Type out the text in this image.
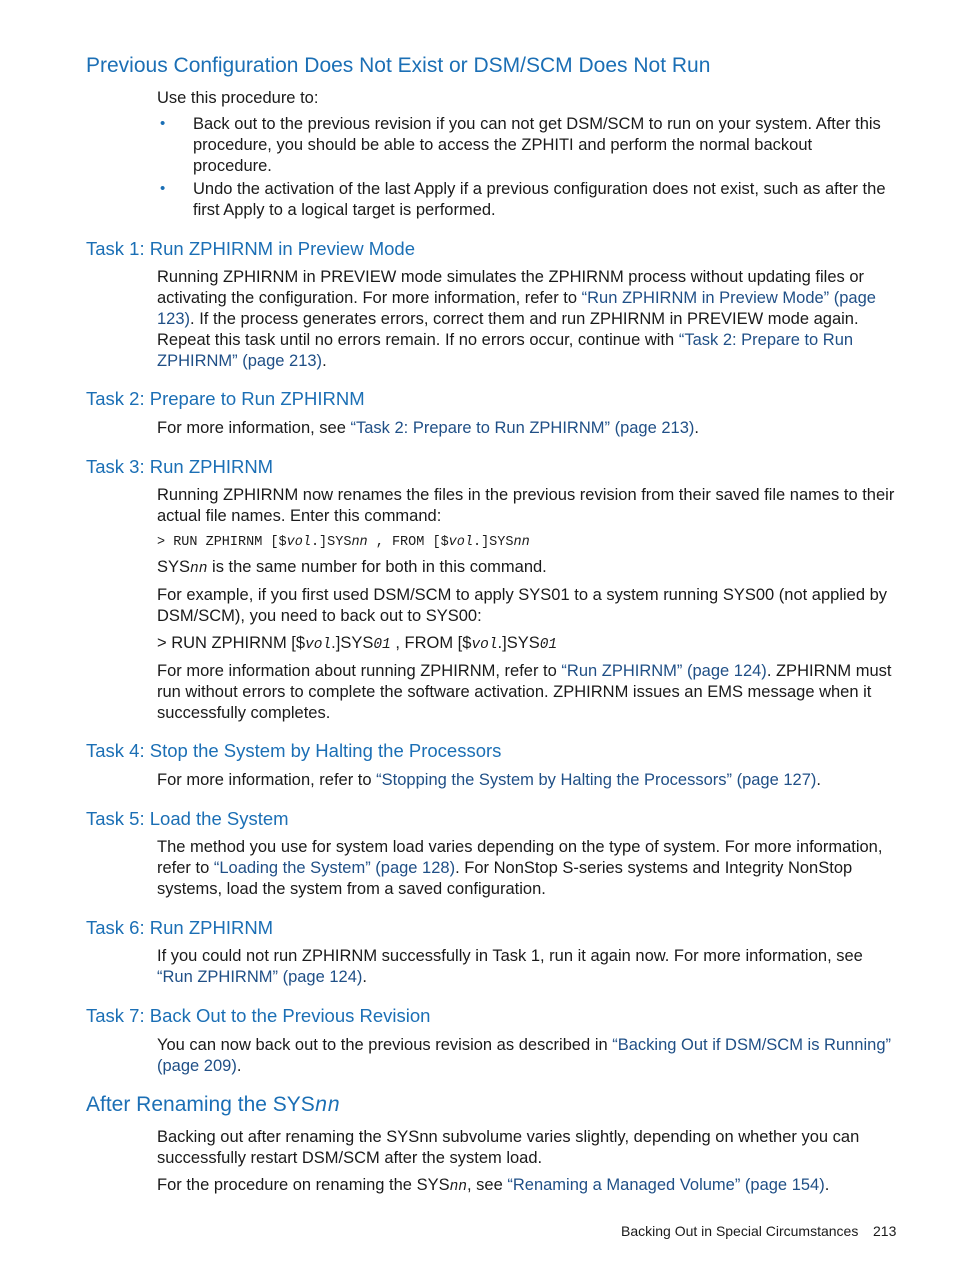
Previous Configuration Does Not Exist or DSM/SCM Does Not Run

Use this procedure to:

• Back out to the previous revision if you can not get DSM/SCM to run on your system. After this procedure, you should be able to access the ZPHITI and perform the normal backout procedure.

• Undo the activation of the last Apply if a previous configuration does not exist, such as after the first Apply to a logical target is performed.

Task 1: Run ZPHIRNM in Preview Mode

Running ZPHIRNM in PREVIEW mode simulates the ZPHIRNM process without updating files or activating the configuration. For more information, refer to “Run ZPHIRNM in Preview Mode” (page 123). If the process generates errors, correct them and run ZPHIRNM in PREVIEW mode again. Repeat this task until no errors remain. If no errors occur, continue with “Task 2: Prepare to Run ZPHIRNM” (page 213).

Task 2: Prepare to Run ZPHIRNM

For more information, see “Task 2: Prepare to Run ZPHIRNM” (page 213).

Task 3: Run ZPHIRNM

Running ZPHIRNM now renames the files in the previous revision from their saved file names to their actual file names. Enter this command:

> RUN ZPHIRNM [$vol.]SYSnn , FROM [$vol.]SYSnn

SYSnn is the same number for both in this command.

For example, if you first used DSM/SCM to apply SYS01 to a system running SYS00 (not applied by DSM/SCM), you need to back out to SYS00:

> RUN ZPHIRNM [$vol.]SYS01 , FROM [$vol.]SYS01

For more information about running ZPHIRNM, refer to “Run ZPHIRNM” (page 124). ZPHIRNM must run without errors to complete the software activation. ZPHIRNM issues an EMS message when it successfully completes.

Task 4: Stop the System by Halting the Processors

For more information, refer to “Stopping the System by Halting the Processors” (page 127).

Task 5: Load the System

The method you use for system load varies depending on the type of system. For more information, refer to “Loading the System” (page 128). For NonStop S-series systems and Integrity NonStop systems, load the system from a saved configuration.

Task 6: Run ZPHIRNM

If you could not run ZPHIRNM successfully in Task 1, run it again now. For more information, see “Run ZPHIRNM” (page 124).

Task 7: Back Out to the Previous Revision

You can now back out to the previous revision as described in “Backing Out if DSM/SCM is Running” (page 209).

After Renaming the SYSnn

Backing out after renaming the SYSnn subvolume varies slightly, depending on whether you can successfully restart DSM/SCM after the system load.

For the procedure on renaming the SYSnn, see “Renaming a Managed Volume” (page 154).

Backing Out in Special Circumstances 213
